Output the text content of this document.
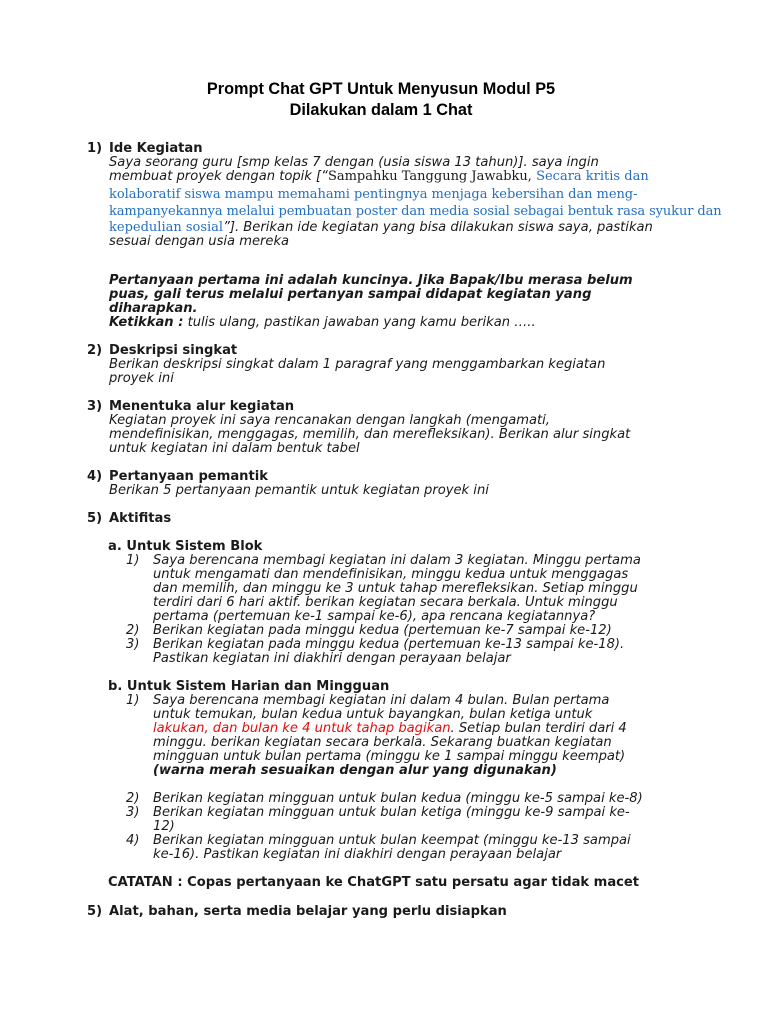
Prompt Chat GPT Untuk Menyusun Modul P5
Dilakukan dalam 1 Chat
1) Ide Kegiatan
Saya seorang guru [smp kelas 7 dengan (usia siswa 13 tahun)]. saya ingin
membuat proyek dengan topik [“Sampahku Tanggung Jawabku, Secara kritis dan
kolaboratif siswa mampu memahami pentingnya menjaga kebersihan dan meng-
kampanyekannya melalui pembuatan poster dan media sosial sebagai bentuk rasa syukur dan
kepedulian sosial”]. Berikan ide kegiatan yang bisa dilakukan siswa saya, pastikan
sesuai dengan usia mereka
Pertanyaan pertama ini adalah kuncinya. Jika Bapak/Ibu merasa belum
puas, gali terus melalui pertanyan sampai didapat kegiatan yang
diharapkan.
Ketikkan : tulis ulang, pastikan jawaban yang kamu berikan …..
2) Deskripsi singkat
Berikan deskripsi singkat dalam 1 paragraf yang menggambarkan kegiatan
proyek ini
3) Menentuka alur kegiatan
Kegiatan proyek ini saya rencanakan dengan langkah (mengamati,
mendefinisikan, menggagas, memilih, dan merefleksikan). Berikan alur singkat
untuk kegiatan ini dalam bentuk tabel
4) Pertanyaan pemantik
Berikan 5 pertanyaan pemantik untuk kegiatan proyek ini
5) Aktifitas
a. Untuk Sistem Blok
1) Saya berencana membagi kegiatan ini dalam 3 kegiatan. Minggu pertama
untuk mengamati dan mendefinisikan, minggu kedua untuk menggagas
dan memilih, dan minggu ke 3 untuk tahap merefleksikan. Setiap minggu
terdiri dari 6 hari aktif. berikan kegiatan secara berkala. Untuk minggu
pertama (pertemuan ke-1 sampai ke-6), apa rencana kegiatannya?
2) Berikan kegiatan pada minggu kedua (pertemuan ke-7 sampai ke-12)
3) Berikan kegiatan pada minggu kedua (pertemuan ke-13 sampai ke-18).
Pastikan kegiatan ini diakhiri dengan perayaan belajar
b. Untuk Sistem Harian dan Mingguan
1) Saya berencana membagi kegiatan ini dalam 4 bulan. Bulan pertama
untuk temukan, bulan kedua untuk bayangkan, bulan ketiga untuk
lakukan, dan bulan ke 4 untuk tahap bagikan. Setiap bulan terdiri dari 4
minggu. berikan kegiatan secara berkala. Sekarang buatkan kegiatan
mingguan untuk bulan pertama (minggu ke 1 sampai minggu keempat)
(warna merah sesuaikan dengan alur yang digunakan)
2) Berikan kegiatan mingguan untuk bulan kedua (minggu ke-5 sampai ke-8)
3) Berikan kegiatan mingguan untuk bulan ketiga (minggu ke-9 sampai ke-
12)
4) Berikan kegiatan mingguan untuk bulan keempat (minggu ke-13 sampai
ke-16). Pastikan kegiatan ini diakhiri dengan perayaan belajar
CATATAN : Copas pertanyaan ke ChatGPT satu persatu agar tidak macet
5) Alat, bahan, serta media belajar yang perlu disiapkan
